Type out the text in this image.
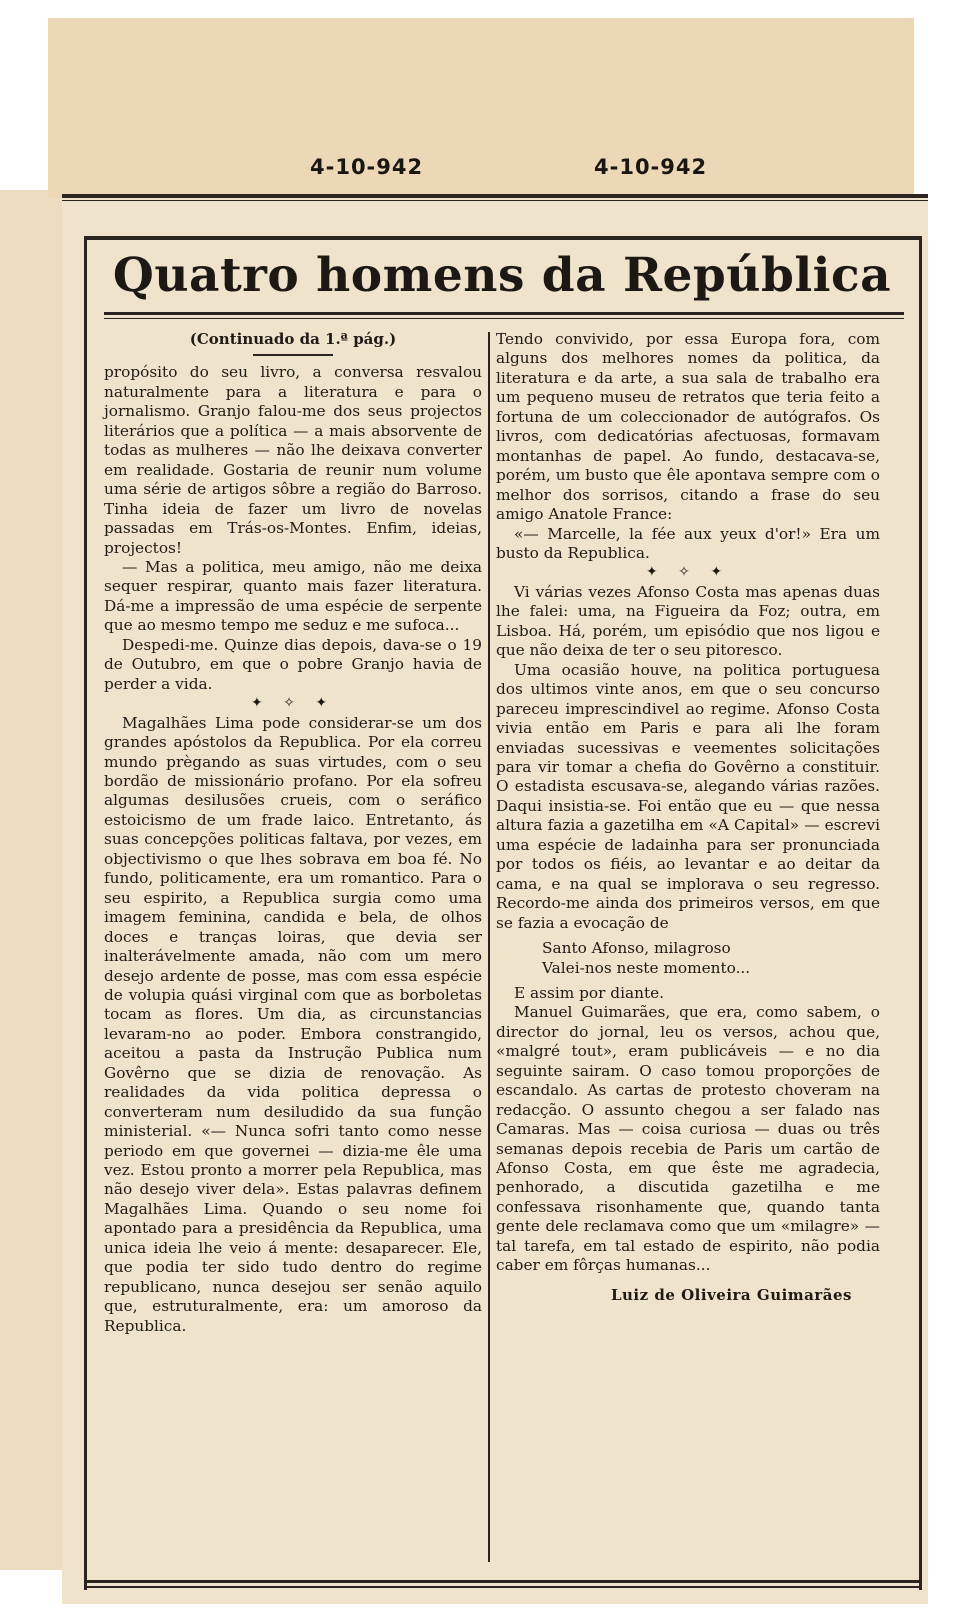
4-10-942	4-10-942
Quatro homens da República

(Continuado da 1.ª pág.)

propósito do seu livro, a conversa resvalou naturalmente para a literatura e para o jornalismo. Granjo falou-me dos seus projectos literários que a política — a mais absorvente de todas as mulheres — não lhe deixava converter em realidade. Gostaria de reunir num volume uma série de artigos sôbre a região do Barroso. Tinha ideia de fazer um livro de novelas passadas em Trás-os-Montes. Enfim, ideias, projectos!

— Mas a politica, meu amigo, não me deixa sequer respirar, quanto mais fazer literatura. Dá-me a impressão de uma espécie de serpente que ao mesmo tempo me seduz e me sufoca...

Despedi-me. Quinze dias depois, dava-se o 19 de Outubro, em que o pobre Granjo havia de perder a vida.

✦ ✧ ✦

Magalhães Lima pode considerar-se um dos grandes apóstolos da Republica. Por ela correu mundo prègando as suas virtudes, com o seu bordão de missionário profano. Por ela sofreu algumas desilusões crueis, com o seráfico estoicismo de um frade laico. Entretanto, ás suas concepções politicas faltava, por vezes, em objectivismo o que lhes sobrava em boa fé. No fundo, politicamente, era um romantico. Para o seu espirito, a Republica surgia como uma imagem feminina, candida e bela, de olhos doces e tranças loiras, que devia ser inalterávelmente amada, não com um mero desejo ardente de posse, mas com essa espécie de volupia quási virginal com que as borboletas tocam as flores. Um dia, as circunstancias levaram-no ao poder. Embora constrangido, aceitou a pasta da Instrução Publica num Govêrno que se dizia de renovação. As realidades da vida politica depressa o converteram num desiludido da sua função ministerial. «— Nunca sofri tanto como nesse periodo em que governei — dizia-me êle uma vez. Estou pronto a morrer pela Republica, mas não desejo viver dela». Estas palavras definem Magalhães Lima. Quando o seu nome foi apontado para a presidência da Republica, uma unica ideia lhe veio á mente: desaparecer. Ele, que podia ter sido tudo dentro do regime republicano, nunca desejou ser senão aquilo que, estruturalmente, era: um amoroso da Republica.

Tendo convivido, por essa Europa fora, com alguns dos melhores nomes da politica, da literatura e da arte, a sua sala de trabalho era um pequeno museu de retratos que teria feito a fortuna de um coleccionador de autógrafos. Os livros, com dedicatórias afectuosas, formavam montanhas de papel. Ao fundo, destacava-se, porém, um busto que êle apontava sempre com o melhor dos sorrisos, citando a frase do seu amigo Anatole France:

«— Marcelle, la fée aux yeux d'or!» Era um busto da Republica.

✦ ✧ ✦

Vi várias vezes Afonso Costa mas apenas duas lhe falei: uma, na Figueira da Foz; outra, em Lisboa. Há, porém, um episódio que nos ligou e que não deixa de ter o seu pitoresco.

Uma ocasião houve, na politica portuguesa dos ultimos vinte anos, em que o seu concurso pareceu imprescindivel ao regime. Afonso Costa vivia então em Paris e para ali lhe foram enviadas sucessivas e veementes solicitações para vir tomar a chefia do Govêrno a constituir. O estadista escusava-se, alegando várias razões. Daqui insistia-se. Foi então que eu — que nessa altura fazia a gazetilha em «A Capital» — escrevi uma espécie de ladainha para ser pronunciada por todos os fiéis, ao levantar e ao deitar da cama, e na qual se implorava o seu regresso. Recordo-me ainda dos primeiros versos, em que se fazia a evocação de

Santo Afonso, milagroso
Valei-nos neste momento...

E assim por diante.

Manuel Guimarães, que era, como sabem, o director do jornal, leu os versos, achou que, «malgré tout», eram publicáveis — e no dia seguinte sairam. O caso tomou proporções de escandalo. As cartas de protesto choveram na redacção. O assunto chegou a ser falado nas Camaras. Mas — coisa curiosa — duas ou três semanas depois recebia de Paris um cartão de Afonso Costa, em que êste me agradecia, penhorado, a discutida gazetilha e me confessava risonhamente que, quando tanta gente dele reclamava como que um «milagre» — tal tarefa, em tal estado de espirito, não podia caber em fôrças humanas...

Luiz de Oliveira Guimarães
